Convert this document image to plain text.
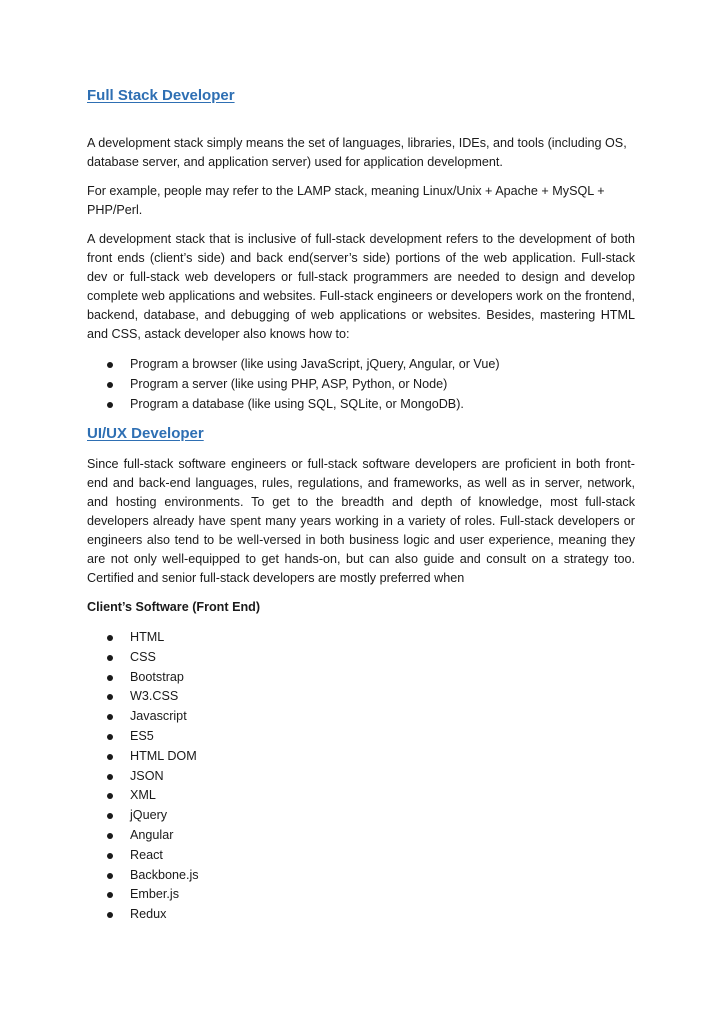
Full Stack Developer

A development stack simply means the set of languages, libraries, IDEs, and tools (including OS, database server, and application server) used for application development.

For example, people may refer to the LAMP stack, meaning Linux/Unix + Apache + MySQL + PHP/Perl.

A development stack that is inclusive of full-stack development refers to the development of both front ends (client’s side) and back end(server’s side) portions of the web application. Full-stack dev or full-stack web developers or full-stack programmers are needed to design and develop complete web applications and websites. Full-stack engineers or developers work on the frontend, backend, database, and debugging of web applications or websites. Besides, mastering HTML and CSS, astack developer also knows how to:

Program a browser (like using JavaScript, jQuery, Angular, or Vue)
Program a server (like using PHP, ASP, Python, or Node)
Program a database (like using SQL, SQLite, or MongoDB).
UI/UX Developer

Since full-stack software engineers or full-stack software developers are proficient in both front-end and back-end languages, rules, regulations, and frameworks, as well as in server, network, and hosting environments. To get to the breadth and depth of knowledge, most full-stack developers already have spent many years working in a variety of roles. Full-stack developers or engineers also tend to be well-versed in both business logic and user experience, meaning they are not only well-equipped to get hands-on, but can also guide and consult on a strategy too. Certified and senior full-stack developers are mostly preferred when

Client’s Software (Front End)

HTML
CSS
Bootstrap
W3.CSS
Javascript
ES5
HTML DOM
JSON
XML
jQuery
Angular
React
Backbone.js
Ember.js
Redux
